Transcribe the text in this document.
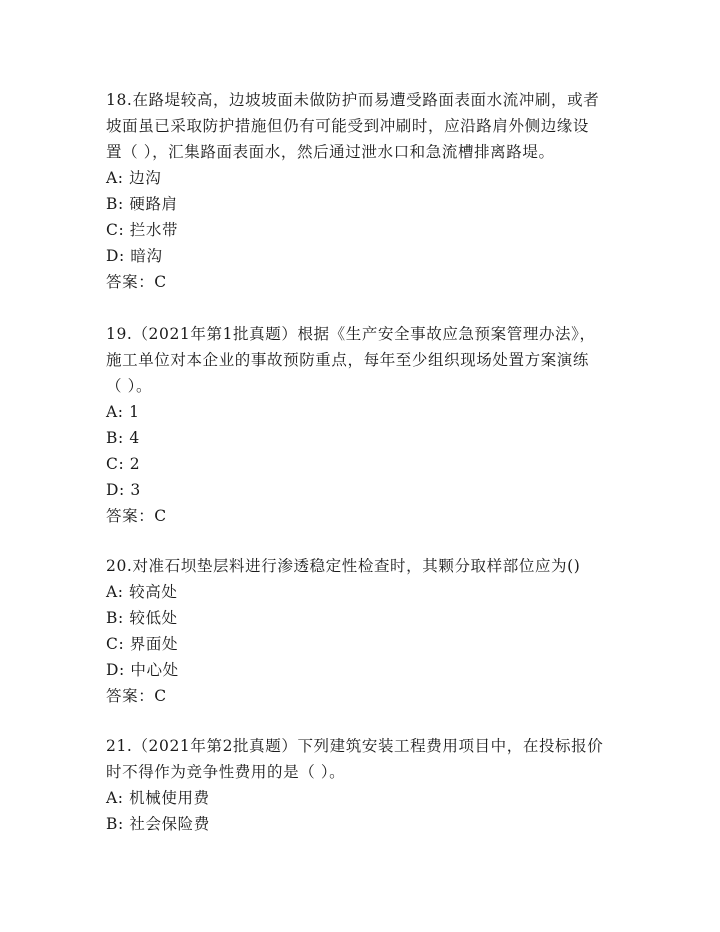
18.在路堤较高，边坡坡面未做防护而易遭受路面表面水流冲刷，或者
坡面虽已采取防护措施但仍有可能受到冲刷时，应沿路肩外侧边缘设
置（ ），汇集路面表面水，然后通过泄水口和急流槽排离路堤。
A: 边沟
B: 硬路肩
C: 拦水带
D: 暗沟
答案：C
19.（2021年第1批真题）根据《生产安全事故应急预案管理办法》，
施工单位对本企业的事故预防重点，每年至少组织现场处置方案演练
（ ）。
A: 1
B: 4
C: 2
D: 3
答案：C
20.对准石坝垫层料进行渗透稳定性检查时，其颗分取样部位应为()
A: 较高处
B: 较低处
C: 界面处
D: 中心处
答案：C
21.（2021年第2批真题）下列建筑安装工程费用项目中，在投标报价
时不得作为竞争性费用的是（ ）。
A: 机械使用费
B: 社会保险费
